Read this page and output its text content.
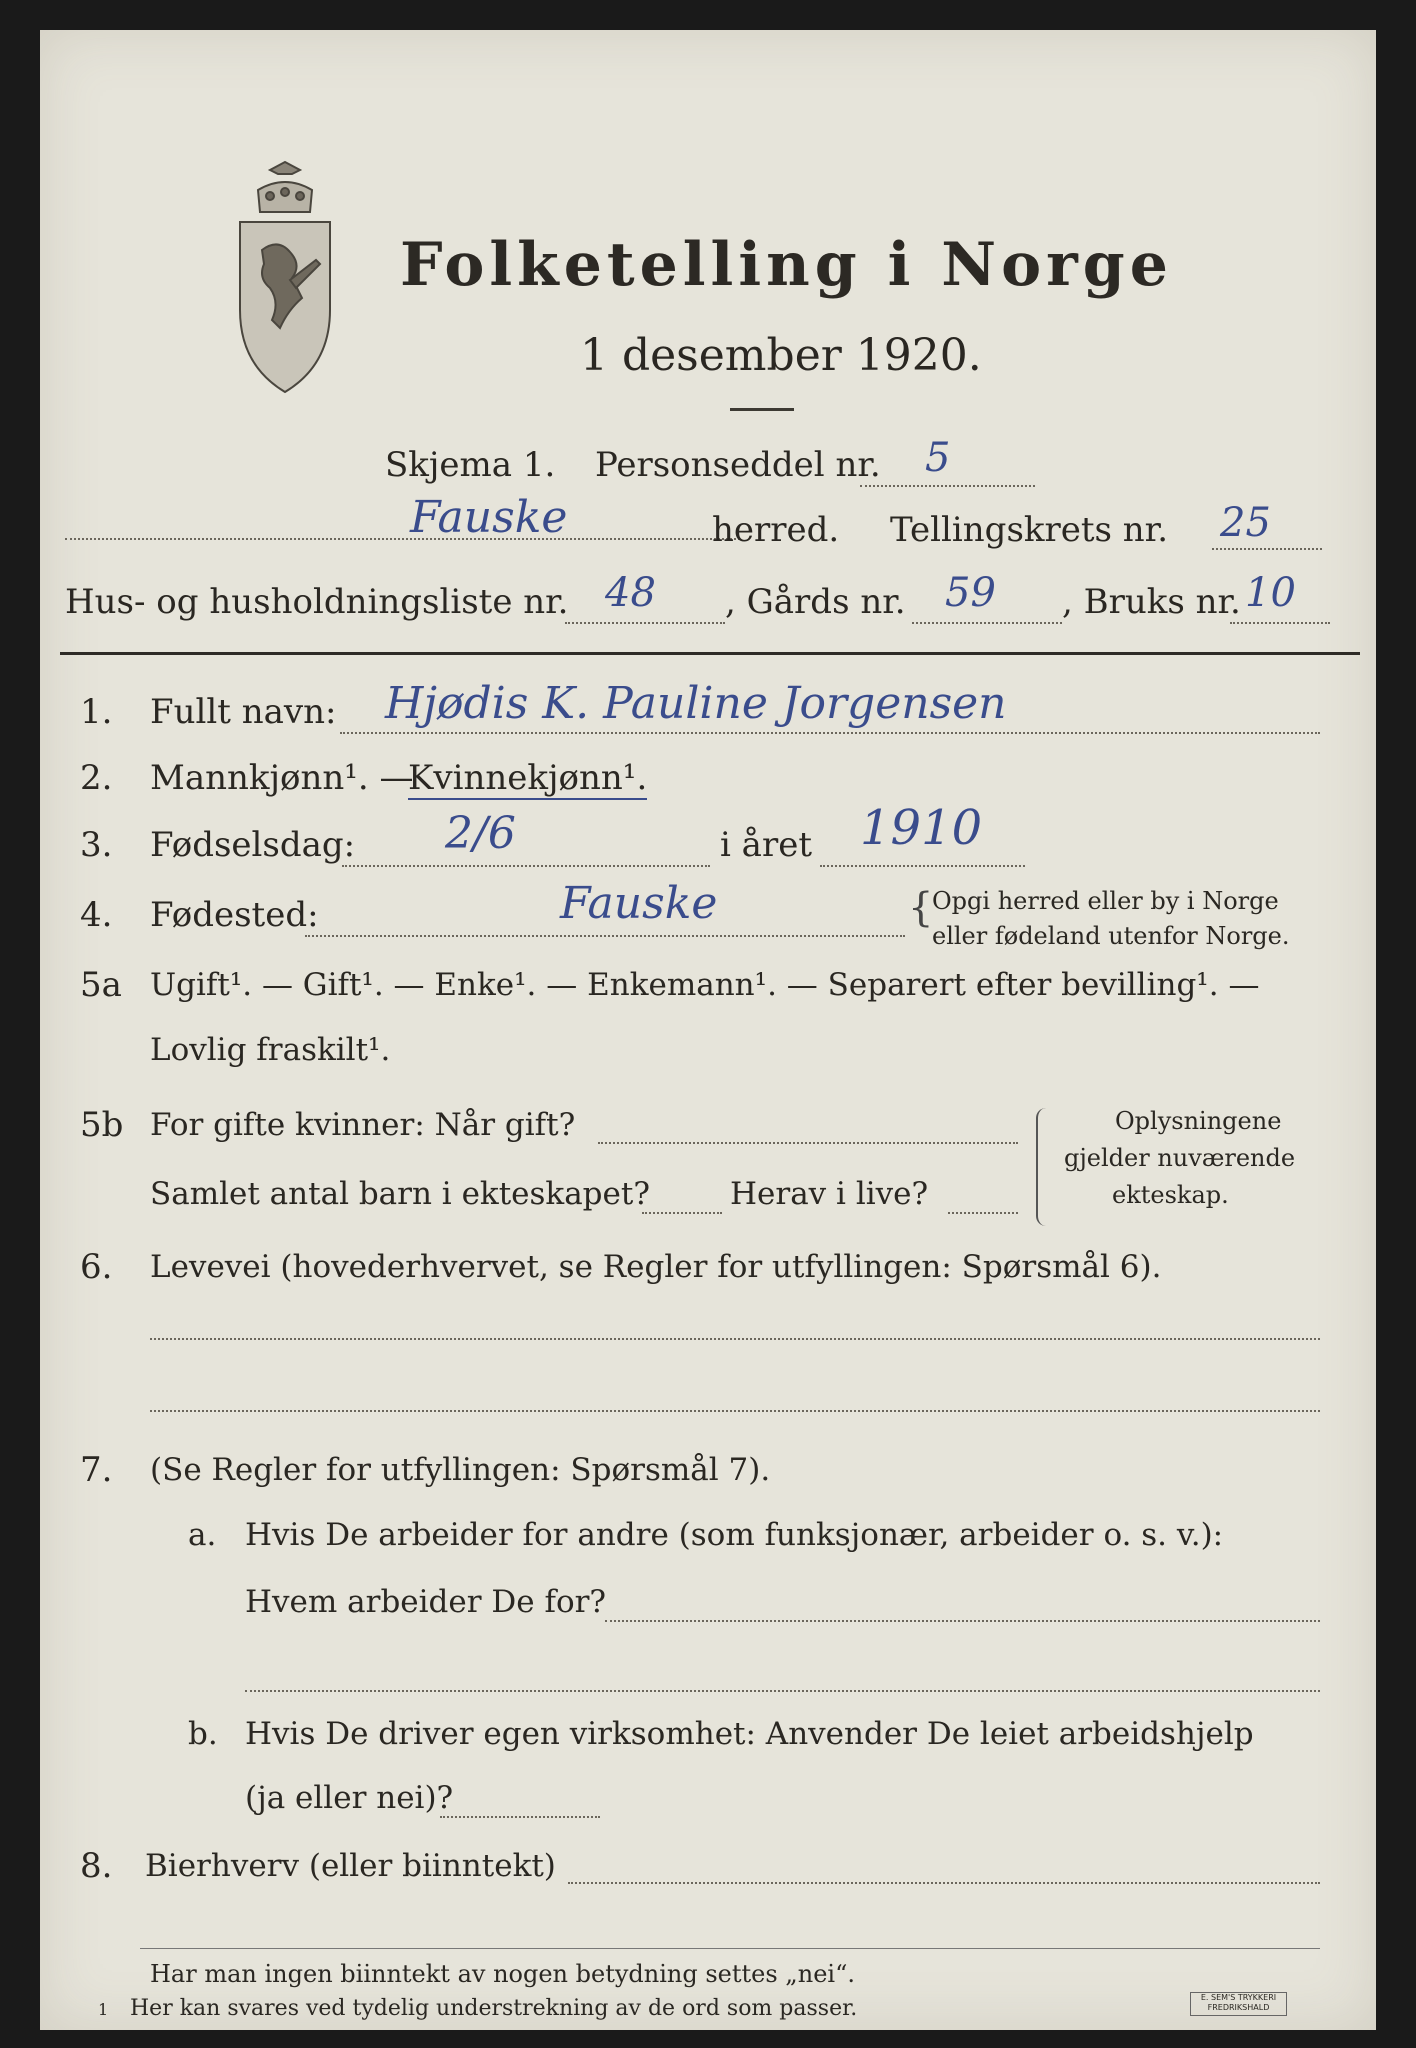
Folketelling i Norge
1 desember 1920.
Skjema 1. Personseddel nr. 5
Fauske	herred. Tellingskrets nr. 25
Hus- og husholdningsliste nr. 48 , Gårds nr. 59 , Bruks nr. 10
1. Fullt navn: Hjødis K. Pauline Jorgensen
2. Mannkjønn¹. —
Kvinnekjønn¹.
3. Fødselsdag: 2/6	i året 1910
4. Fødested:	Fauske	{
Opgi herred eller by i Norge
eller fødeland utenfor Norge.
5a Ugift¹. — Gift¹. — Enke¹. — Enkemann¹. — Separert efter bevilling¹. —
Lovlig fraskilt¹.
5b For gifte kvinner: Når gift?
Samlet antal barn i ekteskapet?	Herav i live?
Oplysningene
gjelder nuværende
ekteskap.
6. Levevei (hovederhvervet, se Regler for utfyllingen: Spørsmål 6).
7. (Se Regler for utfyllingen: Spørsmål 7).
a. Hvis De arbeider for andre (som funksjonær, arbeider o. s. v.):
Hvem arbeider De for?
b. Hvis De driver egen virksomhet: Anvender De leiet arbeidshjelp
(ja eller nei)?
8. Bierhverv (eller biinntekt)
Har man ingen biinntekt av nogen betydning settes „nei“.
1 Her kan svares ved tydelig understrekning av de ord som passer.	E. SEM'S TRYKKERI FREDRIKSHALD
